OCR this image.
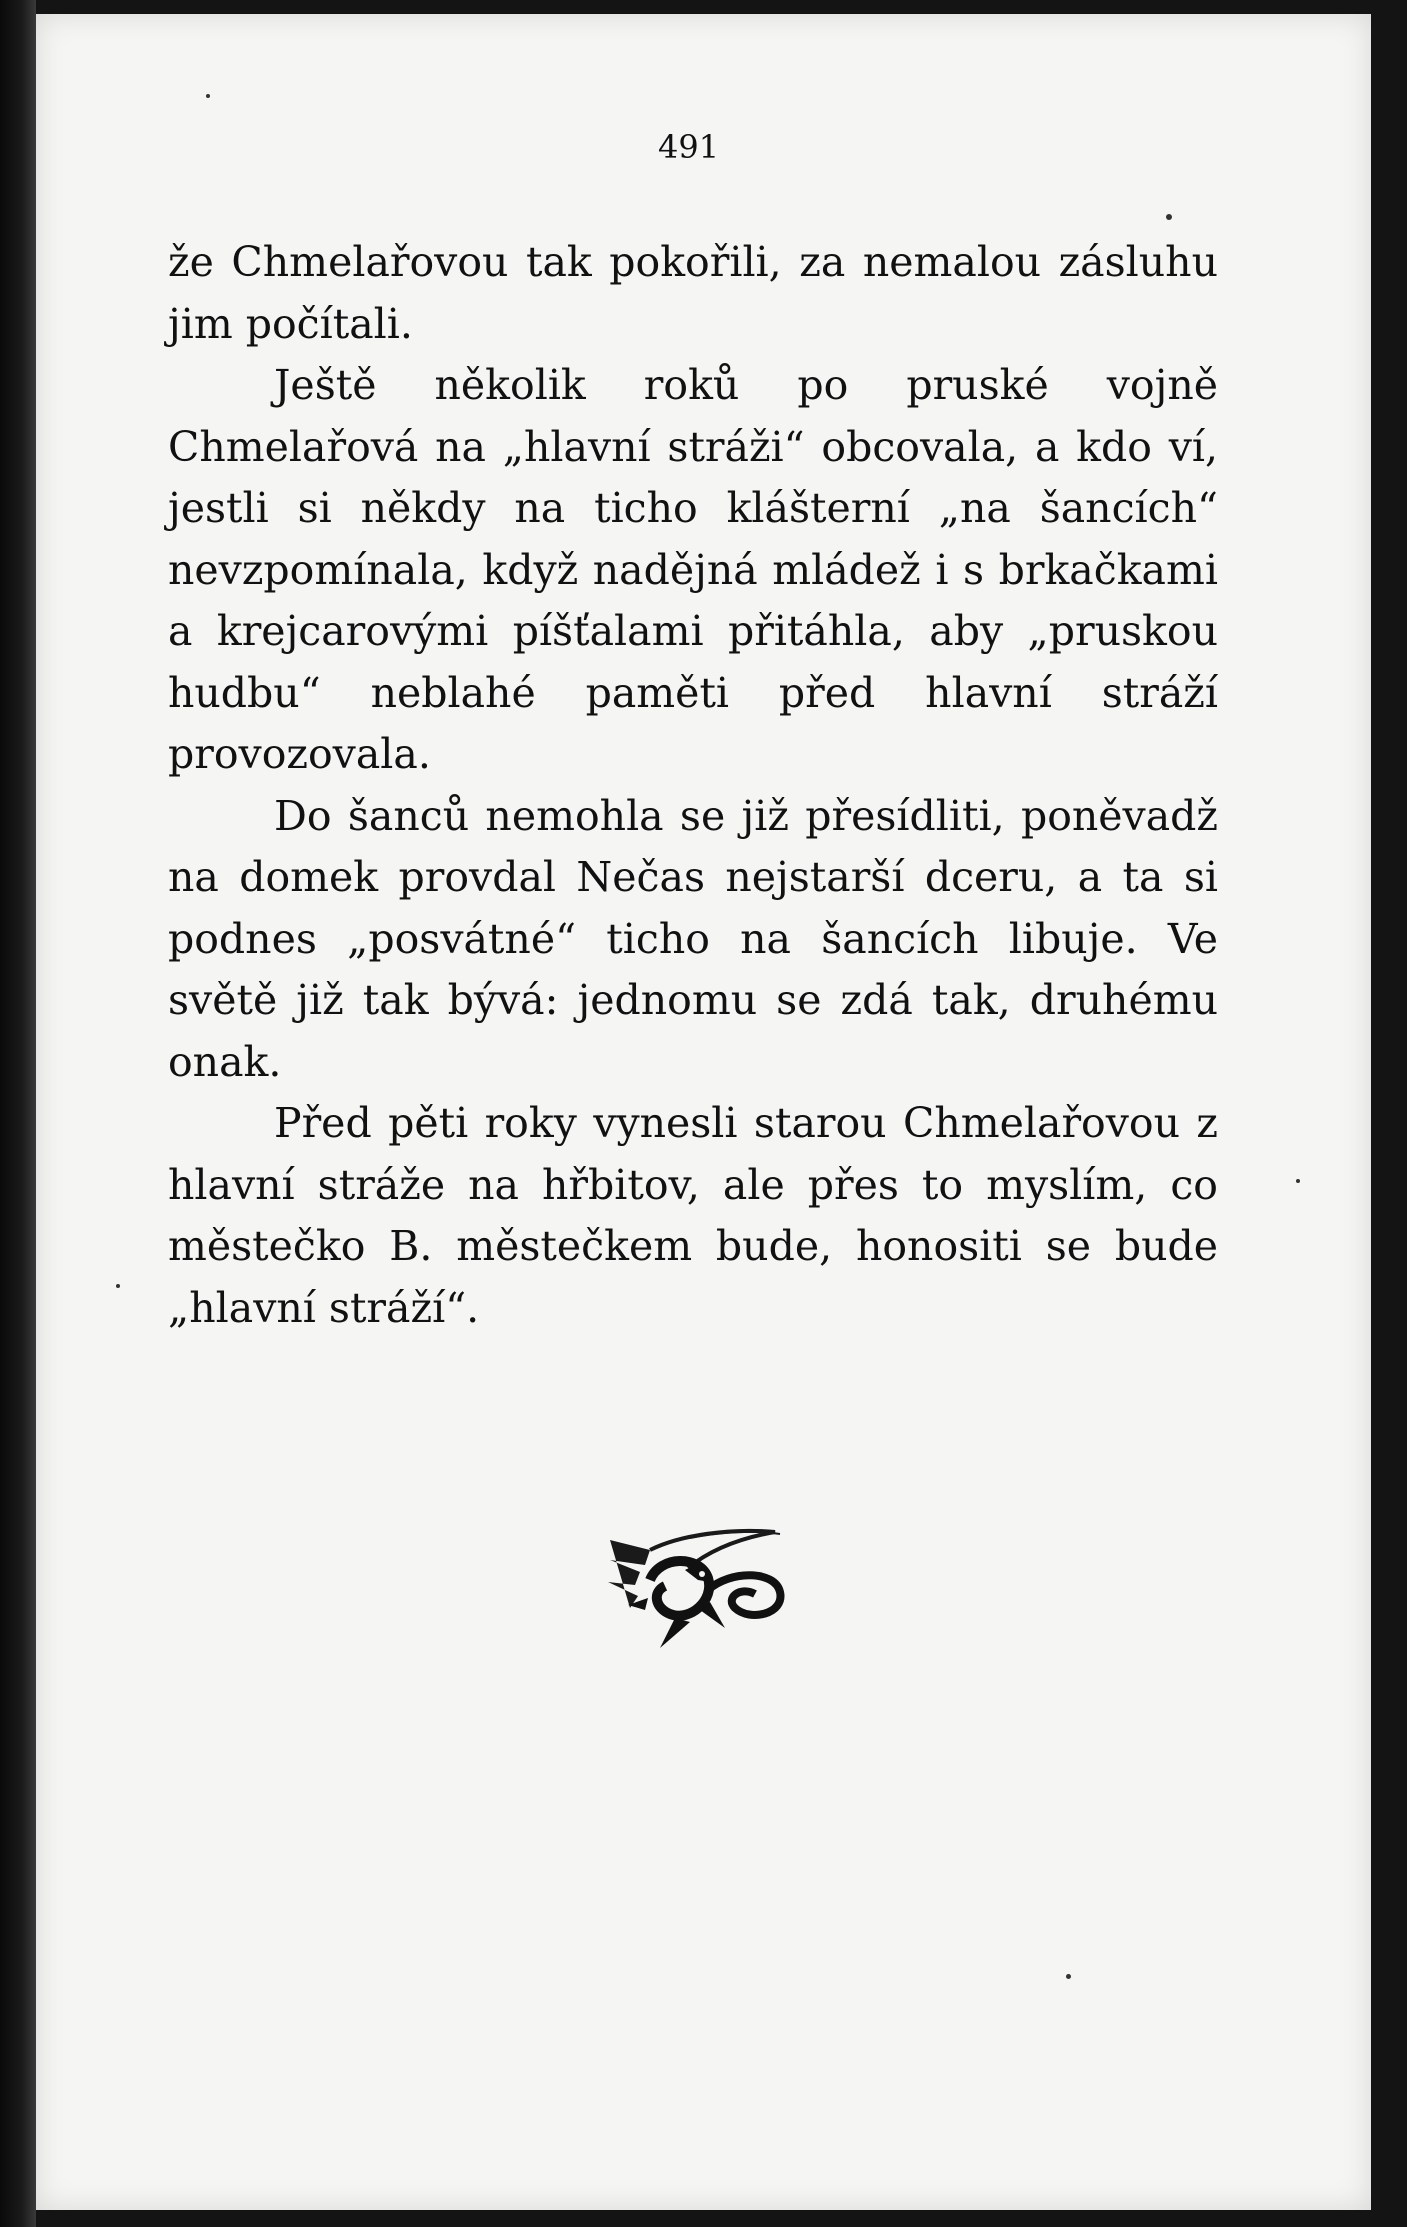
491

že Chmelařovou tak pokořili, za nemalou zásluhu jim počítali.

Ještě několik roků po pruské vojně Chmelařová na „hlavní stráži“ obcovala, a kdo ví, jestli si někdy na ticho klášterní „na šancích“ nevzpomínala, když nadějná mládež i s brkačkami a krejcarovými píšťalami přitáhla, aby „pruskou hudbu“ neblahé paměti před hlavní stráží provozovala.

Do šanců nemohla se již přesídliti, poněvadž na domek provdal Nečas nejstarší dceru, a ta si podnes „posvátné“ ticho na šancích libuje. Ve světě již tak bývá: jednomu se zdá tak, druhému onak.

Před pěti roky vynesli starou Chmelařovou z hlavní stráže na hřbitov, ale přes to myslím, co městečko B. městečkem bude, honositi se bude „hlavní stráží“.
